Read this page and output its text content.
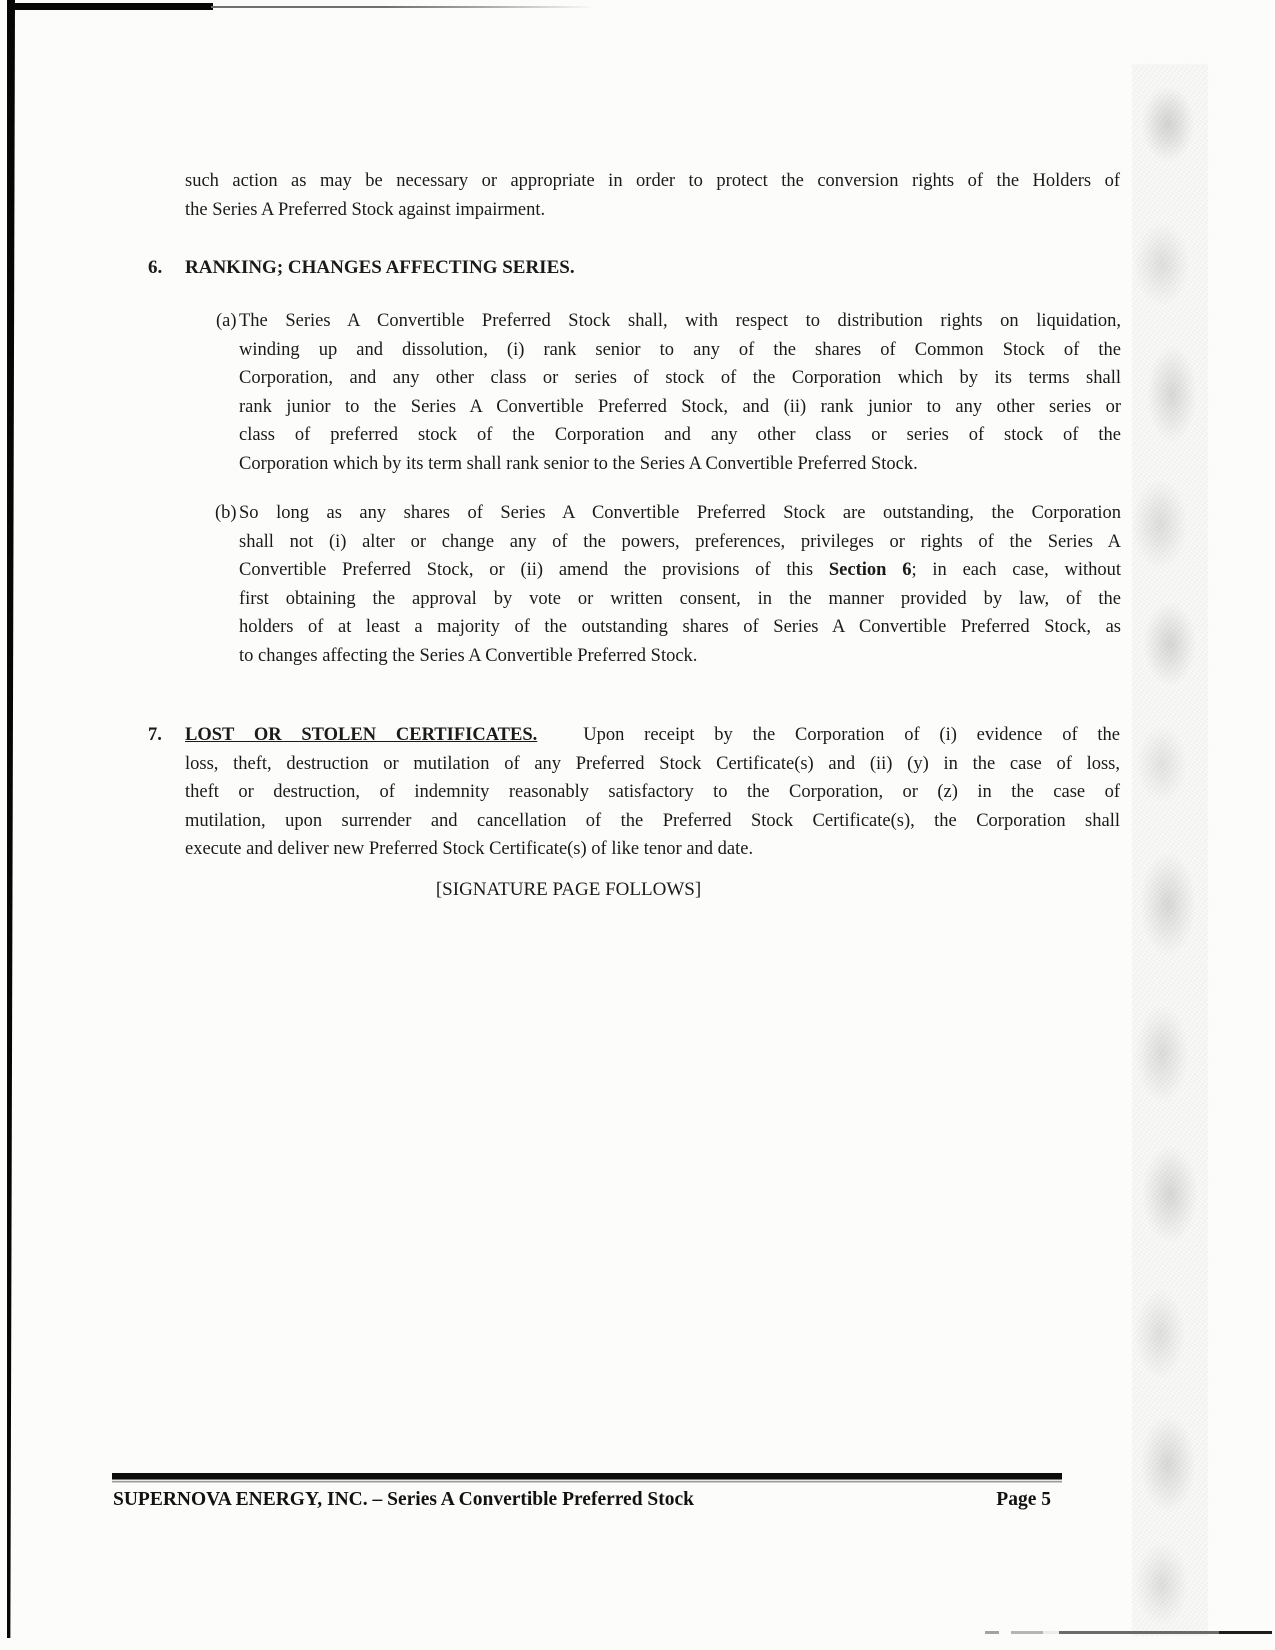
such action as may be necessary or appropriate in order to protect the conversion rights of the Holders of
the Series A Preferred Stock against impairment.
6. RANKING; CHANGES AFFECTING SERIES.
(a) The Series A Convertible Preferred Stock shall, with respect to distribution rights on liquidation,
winding up and dissolution, (i) rank senior to any of the shares of Common Stock of the
Corporation, and any other class or series of stock of the Corporation which by its terms shall
rank junior to the Series A Convertible Preferred Stock, and (ii) rank junior to any other series or
class of preferred stock of the Corporation and any other class or series of stock of the
Corporation which by its term shall rank senior to the Series A Convertible Preferred Stock.
(b) So long as any shares of Series A Convertible Preferred Stock are outstanding, the Corporation
shall not (i) alter or change any of the powers, preferences, privileges or rights of the Series A
Convertible Preferred Stock, or (ii) amend the provisions of this Section 6; in each case, without
first obtaining the approval by vote or written consent, in the manner provided by law, of the
holders of at least a majority of the outstanding shares of Series A Convertible Preferred Stock, as
to changes affecting the Series A Convertible Preferred Stock.
7. LOST OR STOLEN CERTIFICATES. Upon receipt by the Corporation of (i) evidence of the
loss, theft, destruction or mutilation of any Preferred Stock Certificate(s) and (ii) (y) in the case of loss,
theft or destruction, of indemnity reasonably satisfactory to the Corporation, or (z) in the case of
mutilation, upon surrender and cancellation of the Preferred Stock Certificate(s), the Corporation shall
execute and deliver new Preferred Stock Certificate(s) of like tenor and date.
[SIGNATURE PAGE FOLLOWS]
SUPERNOVA ENERGY, INC. – Series A Convertible Preferred Stock	Page 5
